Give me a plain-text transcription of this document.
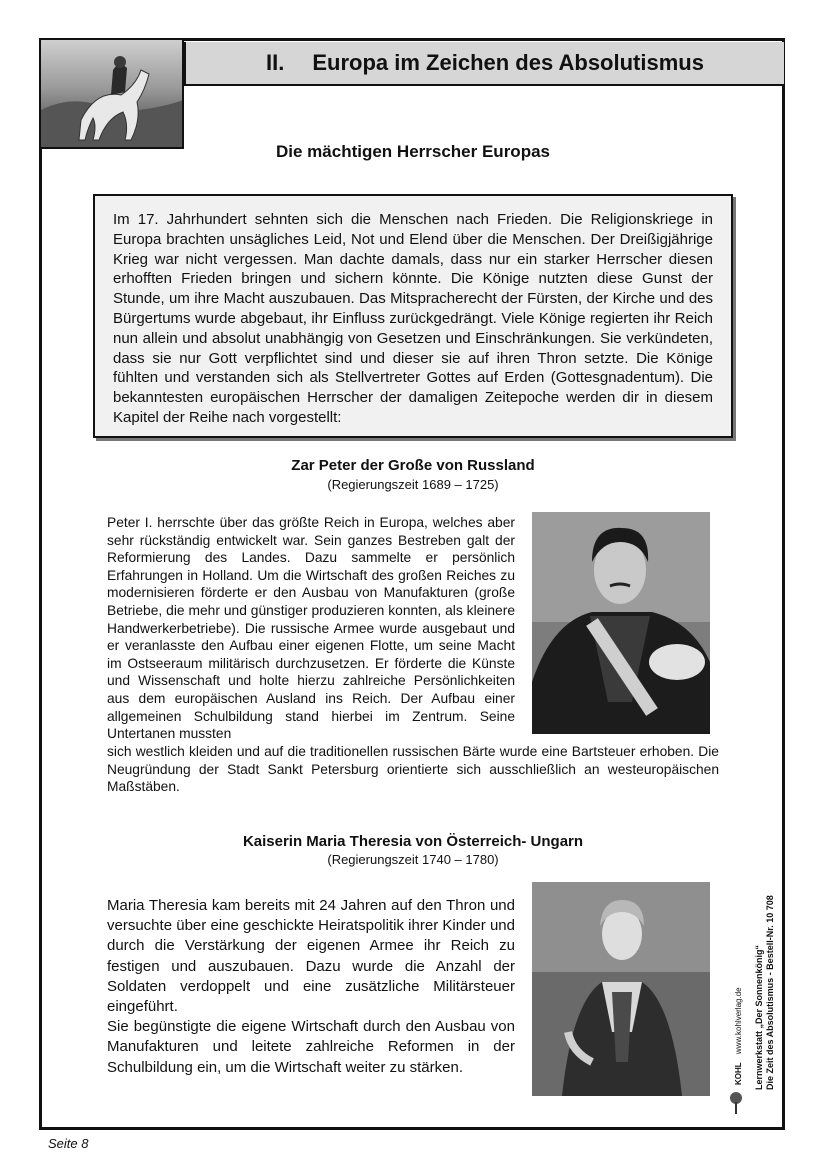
II. Europa im Zeichen des Absolutismus
Die mächtigen Herrscher Europas

Im 17. Jahrhundert sehnten sich die Menschen nach Frieden. Die Religionskriege in Europa brachten unsägliches Leid, Not und Elend über die Menschen. Der Dreißigjährige Krieg war nicht vergessen. Man dachte damals, dass nur ein starker Herrscher diesen erhofften Frieden bringen und sichern könnte. Die Könige nutzten diese Gunst der Stunde, um ihre Macht auszubauen. Das Mitspracherecht der Fürsten, der Kirche und des Bürgertums wurde abgebaut, ihr Einfluss zurückgedrängt. Viele Könige regierten ihr Reich nun allein und absolut unabhängig von Gesetzen und Einschränkungen. Sie verkündeten, dass sie nur Gott verpflichtet sind und dieser sie auf ihren Thron setzte. Die Könige fühlten und verstanden sich als Stellvertreter Gottes auf Erden (Gottesgnadentum). Die bekanntesten europäischen Herrscher der damaligen Zeitepoche werden dir in diesem Kapitel der Reihe nach vorgestellt:

Zar Peter der Große von Russland
(Regierungszeit 1689 – 1725)

Peter I. herrschte über das größte Reich in Europa, welches aber sehr rückständig entwickelt war. Sein ganzes Bestreben galt der Reformierung des Landes. Dazu sammelte er persönlich Erfahrungen in Holland. Um die Wirtschaft des großen Reiches zu modernisieren förderte er den Ausbau von Manufakturen (große Betriebe, die mehr und günstiger produzieren konnten, als kleinere Handwerkerbetriebe). Die russische Armee wurde ausgebaut und er veranlasste den Aufbau einer eigenen Flotte, um seine Macht im Ostseeraum militärisch durchzusetzen. Er förderte die Künste und Wissenschaft und holte hierzu zahlreiche Persönlichkeiten aus dem europäischen Ausland ins Reich. Der Aufbau einer allgemeinen Schulbildung stand hierbei im Zentrum. Seine Untertanen mussten

sich westlich kleiden und auf die traditionellen russischen Bärte wurde eine Bartsteuer erhoben. Die Neugründung der Stadt Sankt Petersburg orientierte sich ausschließlich an westeuropäischen Maßstäben.

Kaiserin Maria Theresia von Österreich- Ungarn
(Regierungszeit 1740 – 1780)
Maria Theresia kam bereits mit 24 Jahren auf den Thron und versuchte über eine geschickte Heiratspolitik ihrer Kinder und durch die Verstärkung der eigenen Armee ihr Reich zu festigen und auszubauen. Dazu wurde die Anzahl der Soldaten verdoppelt und eine zusätzliche Militärsteuer eingeführt.
Sie begünstigte die eigene Wirtschaft durch den Ausbau von Manufakturen und leitete zahlreiche Reformen in der Schulbildung ein, um die Wirtschaft weiter zu stärken.	Lernwerkstatt „Der Sonnenkönig“ Die Zeit des Absolutismus - Bestell-Nr. 10 708
KOHL www.kohlverlag.de
Seite 8
